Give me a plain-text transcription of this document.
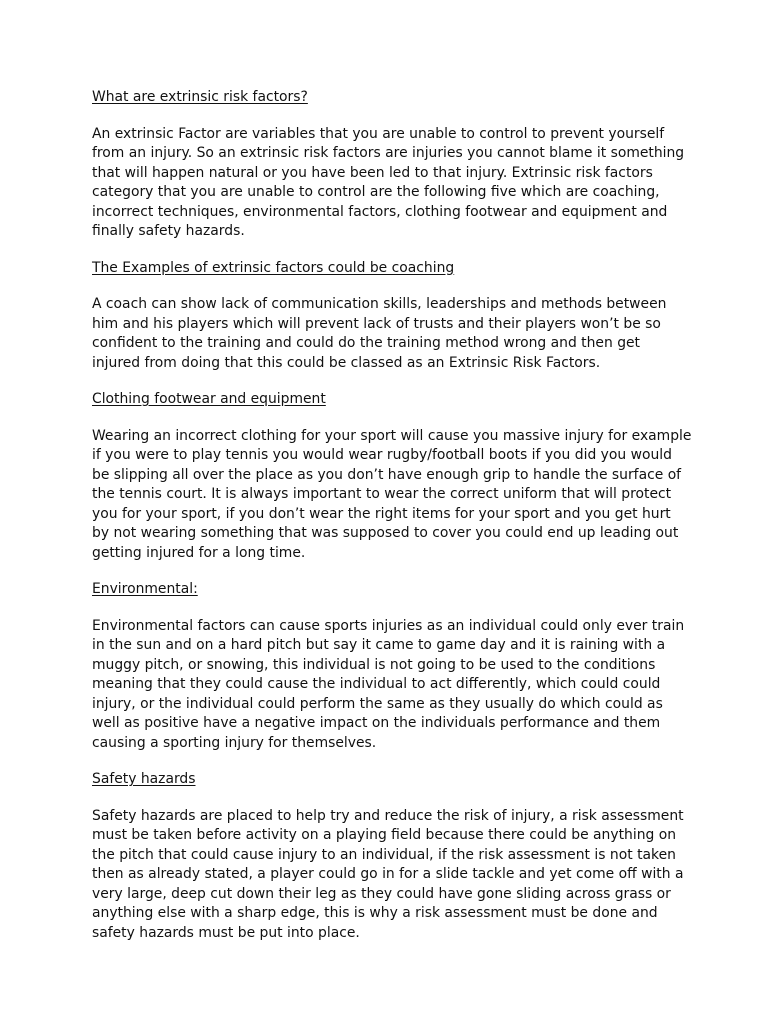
What are extrinsic risk factors?

An extrinsic Factor are variables that you are unable to control to prevent yourself
from an injury. So an extrinsic risk factors are injuries you cannot blame it something
that will happen natural or you have been led to that injury. Extrinsic risk factors
category that you are unable to control are the following five which are coaching,
incorrect techniques, environmental factors, clothing footwear and equipment and
finally safety hazards.

The Examples of extrinsic factors could be coaching

A coach can show lack of communication skills, leaderships and methods between
him and his players which will prevent lack of trusts and their players won’t be so
confident to the training and could do the training method wrong and then get
injured from doing that this could be classed as an Extrinsic Risk Factors.

Clothing footwear and equipment

Wearing an incorrect clothing for your sport will cause you massive injury for example
if you were to play tennis you would wear rugby/football boots if you did you would
be slipping all over the place as you don’t have enough grip to handle the surface of
the tennis court. It is always important to wear the correct uniform that will protect
you for your sport, if you don’t wear the right items for your sport and you get hurt
by not wearing something that was supposed to cover you could end up leading out
getting injured for a long time.

Environmental:

Environmental factors can cause sports injuries as an individual could only ever train
in the sun and on a hard pitch but say it came to game day and it is raining with a
muggy pitch, or snowing, this individual is not going to be used to the conditions
meaning that they could cause the individual to act differently, which could could
injury, or the individual could perform the same as they usually do which could as
well as positive have a negative impact on the individuals performance and them
causing a sporting injury for themselves.

Safety hazards

Safety hazards are placed to help try and reduce the risk of injury, a risk assessment
must be taken before activity on a playing field because there could be anything on
the pitch that could cause injury to an individual, if the risk assessment is not taken
then as already stated, a player could go in for a slide tackle and yet come off with a
very large, deep cut down their leg as they could have gone sliding across grass or
anything else with a sharp edge, this is why a risk assessment must be done and
safety hazards must be put into place.
